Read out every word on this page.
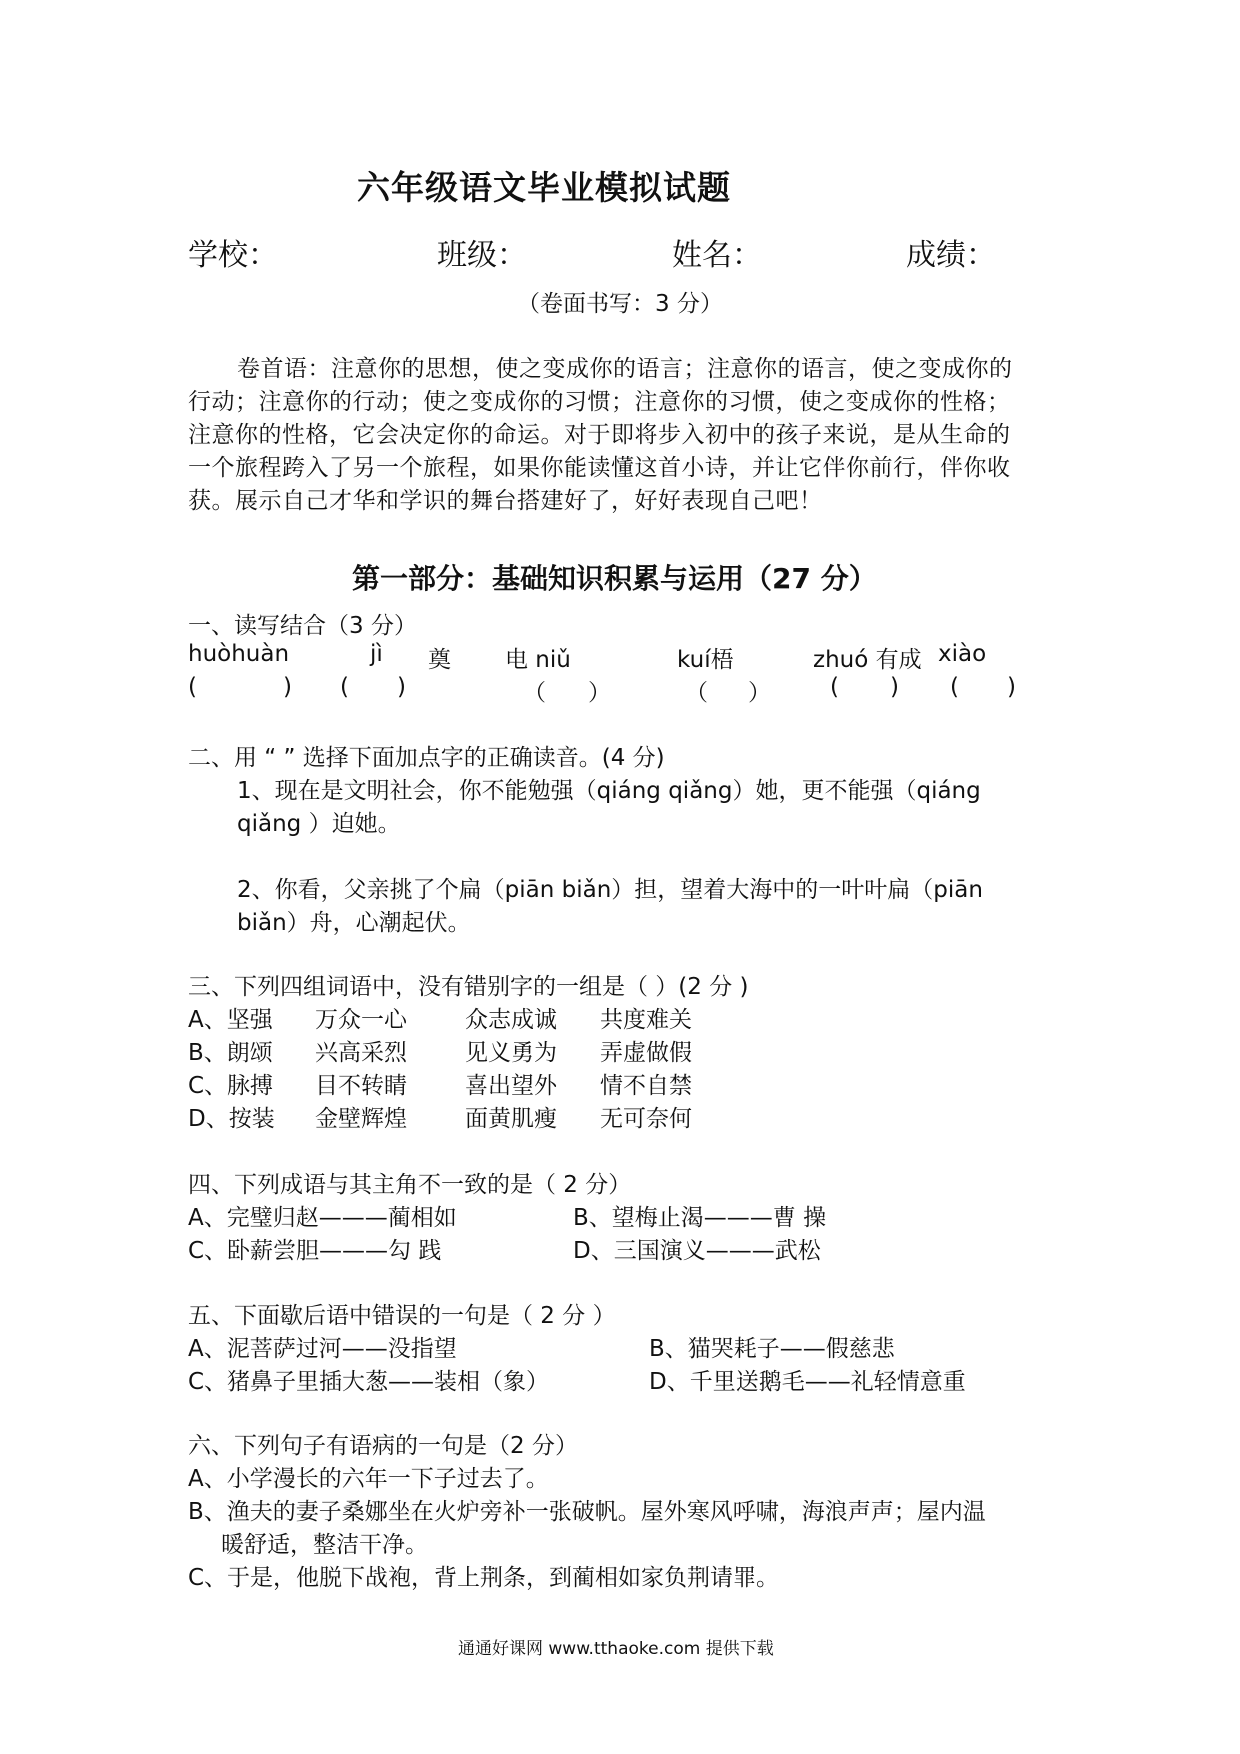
六年级语文毕业模拟试题
学校：	班级：	姓名：	成绩：
（卷面书写：3 分）
卷首语：注意你的思想，使之变成你的语言；注意你的语言，使之变成你的
行动；注意你的行动；使之变成你的习惯；注意你的习惯，使之变成你的性格；
注意你的性格，它会决定你的命运。对于即将步入初中的孩子来说，是从生命的
一个旅程跨入了另一个旅程，如果你能读懂这首小诗，并让它伴你前行，伴你收
获。展示自己才华和学识的舞台搭建好了，好好表现自己吧！
第一部分：基础知识积累与运用（27 分）
一、读写结合（3 分）
huòhuàn	jì 奠 电 niǔ	kuí梧	zhuó 有成 xiào
(	) ( )	（ ）	（ ）	( ) ( )
二、用 “ ” 选择下面加点字的正确读音。(4 分)
1、现在是文明社会，你不能勉强（qiáng qiǎng）她，更不能强（qiáng
qiǎng ）迫她。
2、你看，父亲挑了个扁（piān biǎn）担，望着大海中的一叶叶扁（piān
biǎn）舟，心潮起伏。
三、下列四组词语中，没有错别字的一组是（ ）(2 分 )
A、坚强 万众一心	众志成诚 共度难关
B、朗颂 兴高采烈	见义勇为 弄虚做假
C、脉搏 目不转睛	喜出望外 情不自禁
D、按装 金壁辉煌	面黄肌瘦 无可奈何
四、下列成语与其主角不一致的是（ 2 分）
A、完璧归赵———蔺相如	B、望梅止渴———曹 操
C、卧薪尝胆———勾 践	D、三国演义———武松
五、下面歇后语中错误的一句是（ 2 分 ）
A、泥菩萨过河——没指望	B、猫哭耗子——假慈悲
C、猪鼻子里插大葱——装相（象）	D、千里送鹅毛——礼轻情意重
六、下列句子有语病的一句是（2 分）
A、小学漫长的六年一下子过去了。
B、渔夫的妻子桑娜坐在火炉旁补一张破帆。屋外寒风呼啸，海浪声声；屋内温
暖舒适，整洁干净。
C、于是，他脱下战袍，背上荆条，到蔺相如家负荆请罪。
通通好课网 www.tthaoke.com 提供下载
